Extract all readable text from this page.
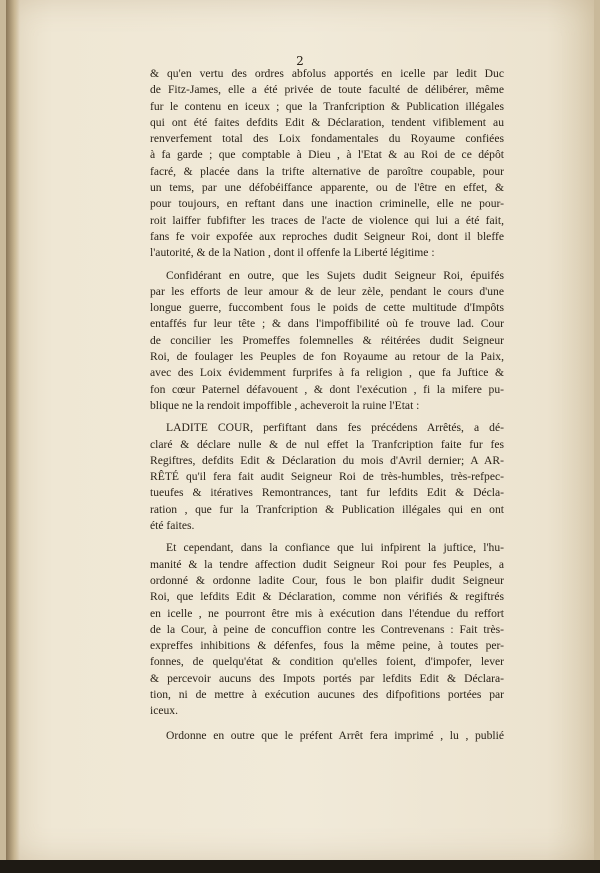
2
& qu'en vertu des ordres abfolus apportés en icelle par ledit Duc
de Fitz-James, elle a été privée de toute faculté de délibérer, même
fur le contenu en iceux ; que la Tranfcription & Publication illégales
qui ont été faites defdits Edit & Déclaration, tendent vifiblement au
renverfement total des Loix fondamentales du Royaume confiées
à fa garde ; que comptable à Dieu , à l'Etat & au Roi de ce dépôt
facré, & placée dans la trifte alternative de paroître coupable, pour
un tems, par une défobéiffance apparente, ou de l'être en effet, &
pour toujours, en reftant dans une inaction criminelle, elle ne pour-
roit laiffer fubfifter les traces de l'acte de violence qui lui a été fait,
fans fe voir expofée aux reproches dudit Seigneur Roi, dont il bleffe
l'autorité, & de la Nation , dont il offenfe la Liberté légitime :
Confidérant en outre, que les Sujets dudit Seigneur Roi, épuifés
par les efforts de leur amour & de leur zèle, pendant le cours d'une
longue guerre, fuccombent fous le poids de cette multitude d'Impôts
entaffés fur leur tête ; & dans l'impoffibilité où fe trouve lad. Cour
de concilier les Promeffes folemnelles & réitérées dudit Seigneur
Roi, de foulager les Peuples de fon Royaume au retour de la Paix,
avec des Loix évidemment furprifes à fa religion , que fa Juftice &
fon cœur Paternel défavouent , & dont l'exécution , fi la mifere pu-
blique ne la rendoit impoffible , acheveroit la ruine l'Etat :
LADITE COUR, perfiftant dans fes précédens Arrêtés, a dé-
claré & déclare nulle & de nul effet la Tranfcription faite fur fes
Regiftres, defdits Edit & Déclaration du mois d'Avril dernier; A AR-
RÊTÉ qu'il fera fait audit Seigneur Roi de très-humbles, très-refpec-
tueufes & itératives Remontrances, tant fur lefdits Edit & Décla-
ration , que fur la Tranfcription & Publication illégales qui en ont
été faites.
Et cependant, dans la confiance que lui infpirent la juftice, l'hu-
manité & la tendre affection dudit Seigneur Roi pour fes Peuples, a
ordonné & ordonne ladite Cour, fous le bon plaifir dudit Seigneur
Roi, que lefdits Edit & Déclaration, comme non vérifiés & regiftrés
en icelle , ne pourront être mis à exécution dans l'étendue du reffort
de la Cour, à peine de concuffion contre les Contrevenans : Fait très-
expreffes inhibitions & défenfes, fous la même peine, à toutes per-
fonnes, de quelqu'état & condition qu'elles foient, d'impofer, lever
& percevoir aucuns des Impots portés par lefdits Edit & Déclara-
tion, ni de mettre à exécution aucunes des difpofitions portées par
iceux.
Ordonne en outre que le préfent Arrêt fera imprimé , lu , publié
